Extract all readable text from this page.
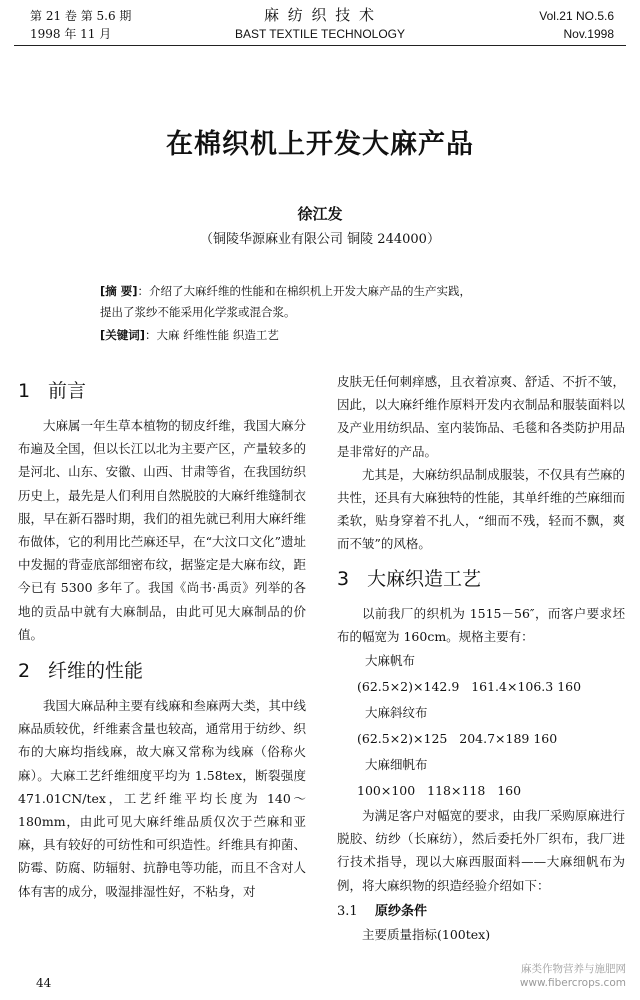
第 21 卷 第 5.6 期
1998 年 11 月
麻 纺 织 技 术
BAST TEXTILE TECHNOLOGY
Vol.21 NO.5.6
Nov.1998
在棉织机上开发大麻产品
徐江发
（铜陵华源麻业有限公司 铜陵 244000）
[摘 要]：介绍了大麻纤维的性能和在棉织机上开发大麻产品的生产实践，
提出了浆纱不能采用化学浆或混合浆。
[关键词]：大麻 纤维性能 织造工艺
1 前言

大麻属一年生草本植物的韧皮纤维，我国大麻分布遍及全国，但以长江以北为主要产区，产量较多的是河北、山东、安徽、山西、甘肃等省，在我国纺织历史上，最先是人们利用自然脱胶的大麻纤维缝制衣服，早在新石器时期，我们的祖先就已利用大麻纤维布做体，它的利用比苎麻还早，在“大汶口文化”遗址中发掘的背壶底部细密布纹，据鉴定是大麻布纹，距今已有 5300 多年了。我国《尚书·禹贡》列举的各地的贡品中就有大麻制品，由此可见大麻制品的价值。

2 纤维的性能

我国大麻品种主要有线麻和叁麻两大类，其中线麻品质较优，纤维素含量也较高，通常用于纺纱、织布的大麻均指线麻，故大麻又常称为线麻（俗称火麻）。大麻工艺纤维细度平均为 1.58tex，断裂强度 471.01CN/tex，工艺纤维平均长度为 140～180mm，由此可见大麻纤维品质仅次于苎麻和亚麻，具有较好的可纺性和可织造性。纤维具有抑菌、防霉、防腐、防辐射、抗静电等功能，而且不含对人体有害的成分，吸湿排湿性好，不粘身，对

皮肤无任何刺痒感，且衣着凉爽、舒适、不折不皱，因此，以大麻纤维作原料开发内衣制品和服装面料以及产业用纺织品、室内装饰品、毛毯和各类防护用品是非常好的产品。

尤其是，大麻纺织品制成服装，不仅具有苎麻的共性，还具有大麻独特的性能，其单纤维的苎麻细而柔软，贴身穿着不扎人，“细而不残，轻而不飘，爽而不皱”的风格。

3 大麻织造工艺

以前我厂的织机为 1515－56″，而客户要求坯布的幅宽为 160cm。规格主要有：

大麻帆布
(62.5×2)×142.9   161.4×106.3 160
大麻斜纹布
(62.5×2)×125   204.7×189 160
大麻细帆布
100×100   118×118   160

为满足客户对幅宽的要求，由我厂采购原麻进行脱胶、纺纱（长麻纺），然后委托外厂织布，我厂进行技术指导，现以大麻西服面料——大麻细帆布为例，将大麻织物的织造经验介绍如下：

3.1 原纱条件

主要质量指标(100tex)

44
麻类作物营养与施肥网
www.fibercrops.com
